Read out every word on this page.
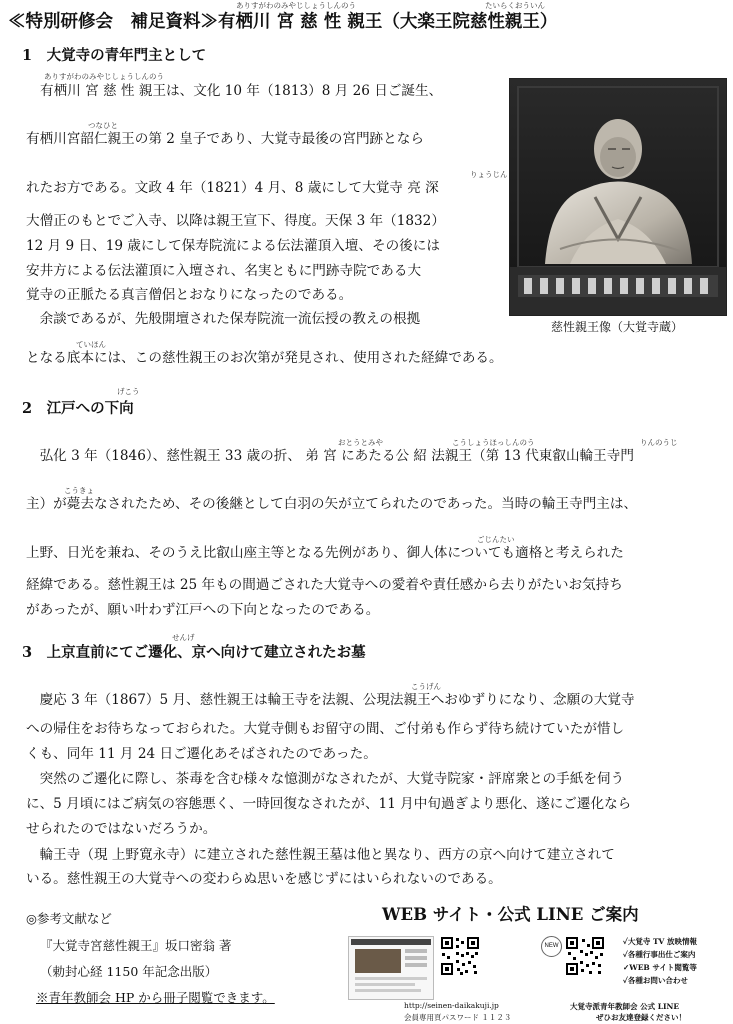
ありすがわのみやじしょうしんのう	たいらくおういん
≪特別研修会　補足資料≫有栖川 宮 慈 性 親王（大楽王院慈性親王）
1　大覚寺の青年門主として
ありすがわのみやじしょうしんのう
つなひと
りょうじん
有栖川 宮 慈 性 親王は、文化 10 年（1813）8 月 26 日ご誕生、
有栖川宮韶仁親王の第 2 皇子であり、大覚寺最後の宮門跡となら
れたお方である。文政 4 年（1821）4 月、8 歳にして大覚寺 亮 深
大僧正のもとでご入寺、以降は親王宣下、得度。天保 3 年（1832）
12 月 9 日、19 歳にして保寿院流による伝法灌頂入壇、その後には
安井方による伝法灌頂に入壇され、名実ともに門跡寺院である大
覚寺の正脈たる真言僧侶とおなりになったのである。
　余談であるが、先般開壇された保寿院流一流伝授の教えの根拠
ていほん
となる底本には、この慈性親王のお次第が発見され、使用された経緯である。
慈性親王像（大覚寺蔵）
げこう
2　江戸への下向
おとうとみや	こうしょうほっしんのう	りんのうじ
　弘化 3 年（1846）、慈性親王 33 歳の折、 弟 宮 にあたる公 紹 法親王（第 13 代東叡山輪王寺門
こうきょ
主）が薨去なされたため、その後継として白羽の矢が立てられたのであった。当時の輪王寺門主は、
ごじんたい
上野、日光を兼ね、そのうえ比叡山座主等となる先例があり、御人体についても適格と考えられた
経緯である。慈性親王は 25 年もの間過ごされた大覚寺への愛着や責任感から去りがたいお気持ち
があったが、願い叶わず江戸への下向となったのである。
せんげ
3　上京直前にてご遷化、京へ向けて建立されたお墓
こうげん
　慶応 3 年（1867）5 月、慈性親王は輪王寺を法親、公現法親王へおゆずりになり、念願の大覚寺
への帰住をお待ちなっておられた。大覚寺側もお留守の間、ご付弟も作らず待ち続けていたが惜し
くも、同年 11 月 24 日ご遷化あそばされたのであった。
　突然のご遷化に際し、茶毒を含む様々な憶測がなされたが、大覚寺院家・評席衆との手紙を伺う
に、5 月頃にはご病気の容態悪く、一時回復なされたが、11 月中旬過ぎより悪化、遂にご遷化なら
せられたのではないだろうか。
　輪王寺（現 上野寛永寺）に建立された慈性親王墓は他と異なり、西方の京へ向けて建立されて
いる。慈性親王の大覚寺への変わらぬ思いを感じずにはいられないのである。
◎参考文献など
『大覚寺宮慈性親王』坂口密翁 著
（勅封心経 1150 年記念出版）
※青年教師会 HP から冊子閲覧できます。
WEB サイト・公式 LINE ご案内
http://seinen-daikakuji.jp
会員専用頁パスワード １１２３
NEW	✓大覚寺 TV 放映情報
✓各種行事出仕ご案内
✓WEB サイト閲覧等
✓各種お問い合わせ
大覚寺派青年教師会 公式 LINE
ぜひお友達登録ください！
